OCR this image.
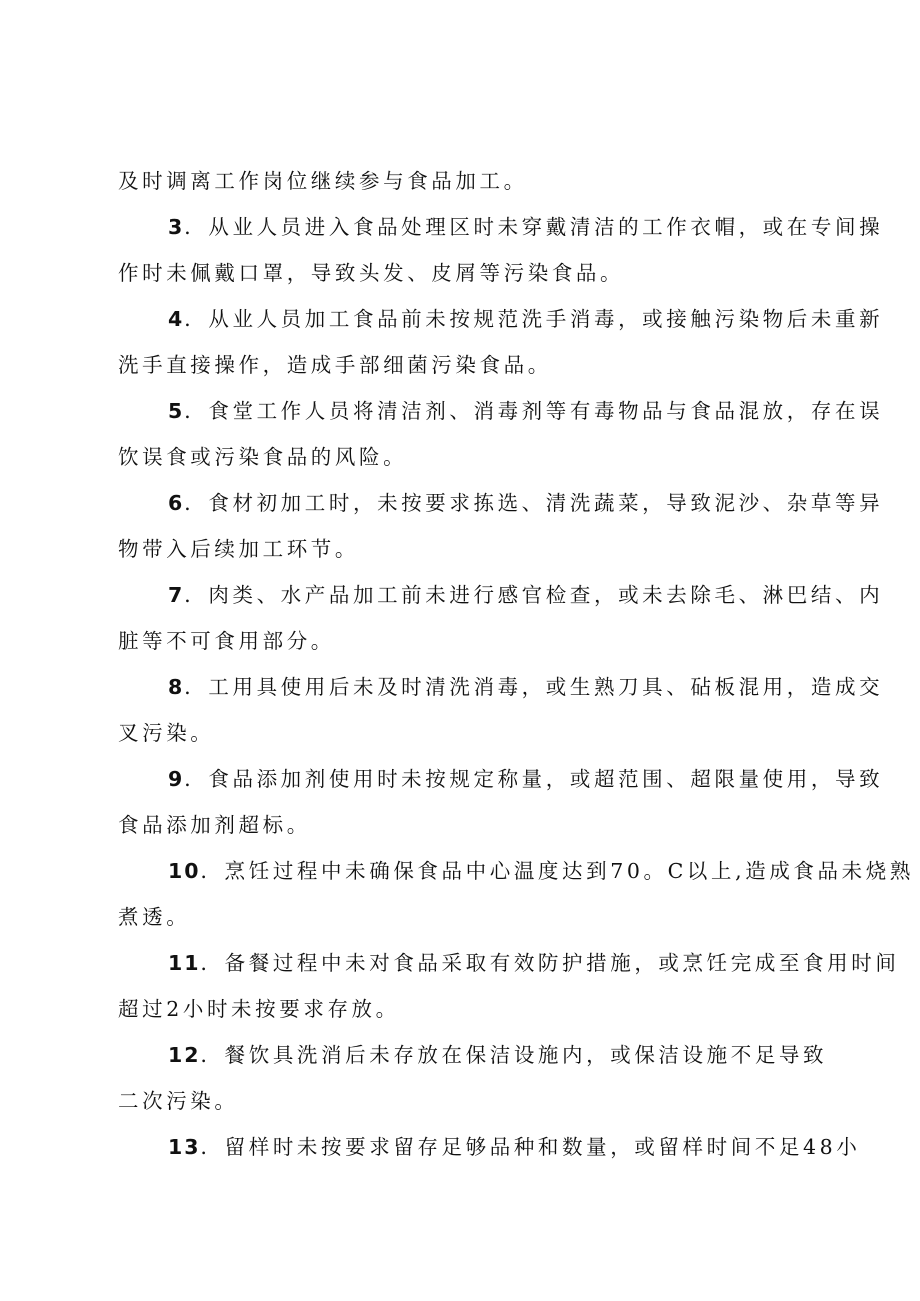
及时调离工作岗位继续参与食品加工。
3．从业人员进入食品处理区时未穿戴清洁的工作衣帽，或在专间操
作时未佩戴口罩，导致头发、皮屑等污染食品。
4．从业人员加工食品前未按规范洗手消毒，或接触污染物后未重新
洗手直接操作，造成手部细菌污染食品。
5．食堂工作人员将清洁剂、消毒剂等有毒物品与食品混放，存在误
饮误食或污染食品的风险。
6．食材初加工时，未按要求拣选、清洗蔬菜，导致泥沙、杂草等异
物带入后续加工环节。
7．肉类、水产品加工前未进行感官检查，或未去除毛、淋巴结、内
脏等不可食用部分。
8．工用具使用后未及时清洗消毒，或生熟刀具、砧板混用，造成交
叉污染。
9．食品添加剂使用时未按规定称量，或超范围、超限量使用，导致
食品添加剂超标。
10．烹饪过程中未确保食品中心温度达到70。C以上,造成食品未烧熟
煮透。
11．备餐过程中未对食品采取有效防护措施，或烹饪完成至食用时间
超过2小时未按要求存放。
12．餐饮具洗消后未存放在保洁设施内，或保洁设施不足导致
二次污染。
13．留样时未按要求留存足够品种和数量，或留样时间不足48小
